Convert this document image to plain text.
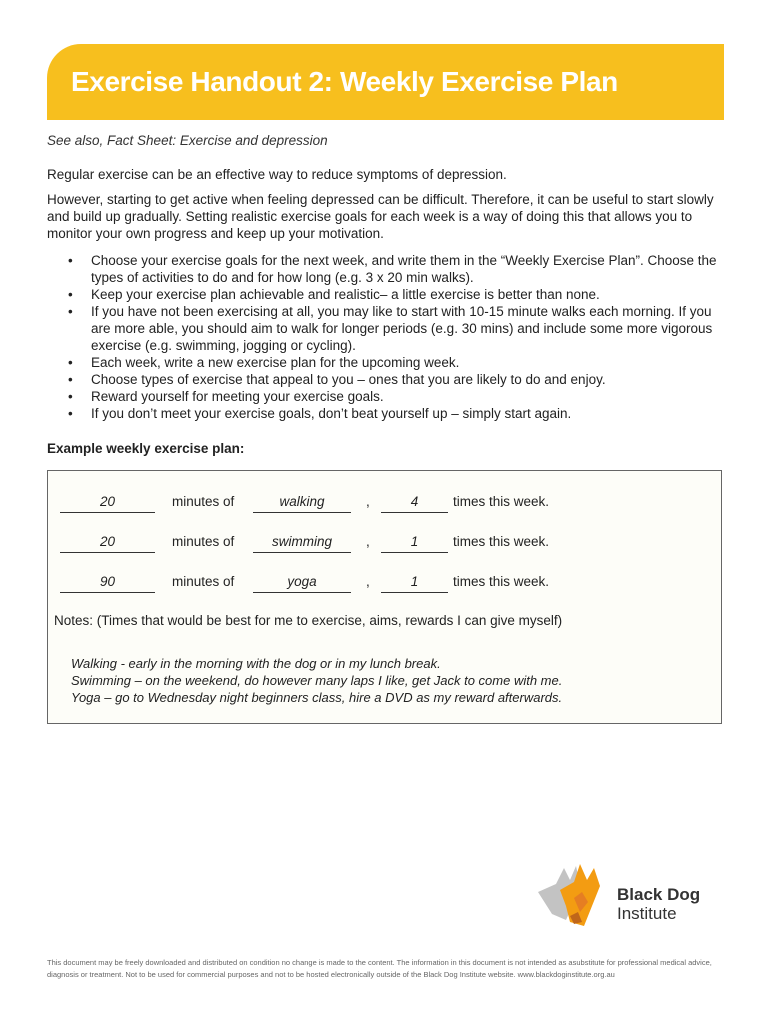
Exercise Handout 2: Weekly Exercise Plan
See also, Fact Sheet: Exercise and depression

Regular exercise can be an effective way to reduce symptoms of depression.

However, starting to get active when feeling depressed can be difficult. Therefore, it can be useful to start slowly and build up gradually. Setting realistic exercise goals for each week is a way of doing this that allows you to monitor your own progress and keep up your motivation.

• Choose your exercise goals for the next week, and write them in the “Weekly Exercise Plan”. Choose the types of activities to do and for how long (e.g. 3 x 20 min walks).
• Keep your exercise plan achievable and realistic– a little exercise is better than none.
• If you have not been exercising at all, you may like to start with 10-15 minute walks each morning. If you are more able, you should aim to walk for longer periods (e.g. 30 mins) and include some more vigorous exercise (e.g. swimming, jogging or cycling).
• Each week, write a new exercise plan for the upcoming week.
• Choose types of exercise that appeal to you – ones that you are likely to do and enjoy.
• Reward yourself for meeting your exercise goals.
• If you don’t meet your exercise goals, don’t beat yourself up – simply start again.
Example weekly exercise plan:
20	minutes of	walking	,	4	times this week.
20	minutes of	swimming	,	1	times this week.
90	minutes of	yoga	,	1	times this week.
Notes: (Times that would be best for me to exercise, aims, rewards I can give myself)
Walking - early in the morning with the dog or in my lunch break.
Swimming – on the weekend, do however many laps I like, get Jack to come with me.
Yoga – go to Wednesday night beginners class, hire a DVD as my reward afterwards.
Black Dog
Institute
This document may be freely downloaded and distributed on condition no change is made to the content. The information in this document is not intended as asubstitute for professional medical advice, diagnosis or treatment. Not to be used for commercial purposes and not to be hosted electronically outside of the Black Dog Institute website. www.blackdoginstitute.org.au
